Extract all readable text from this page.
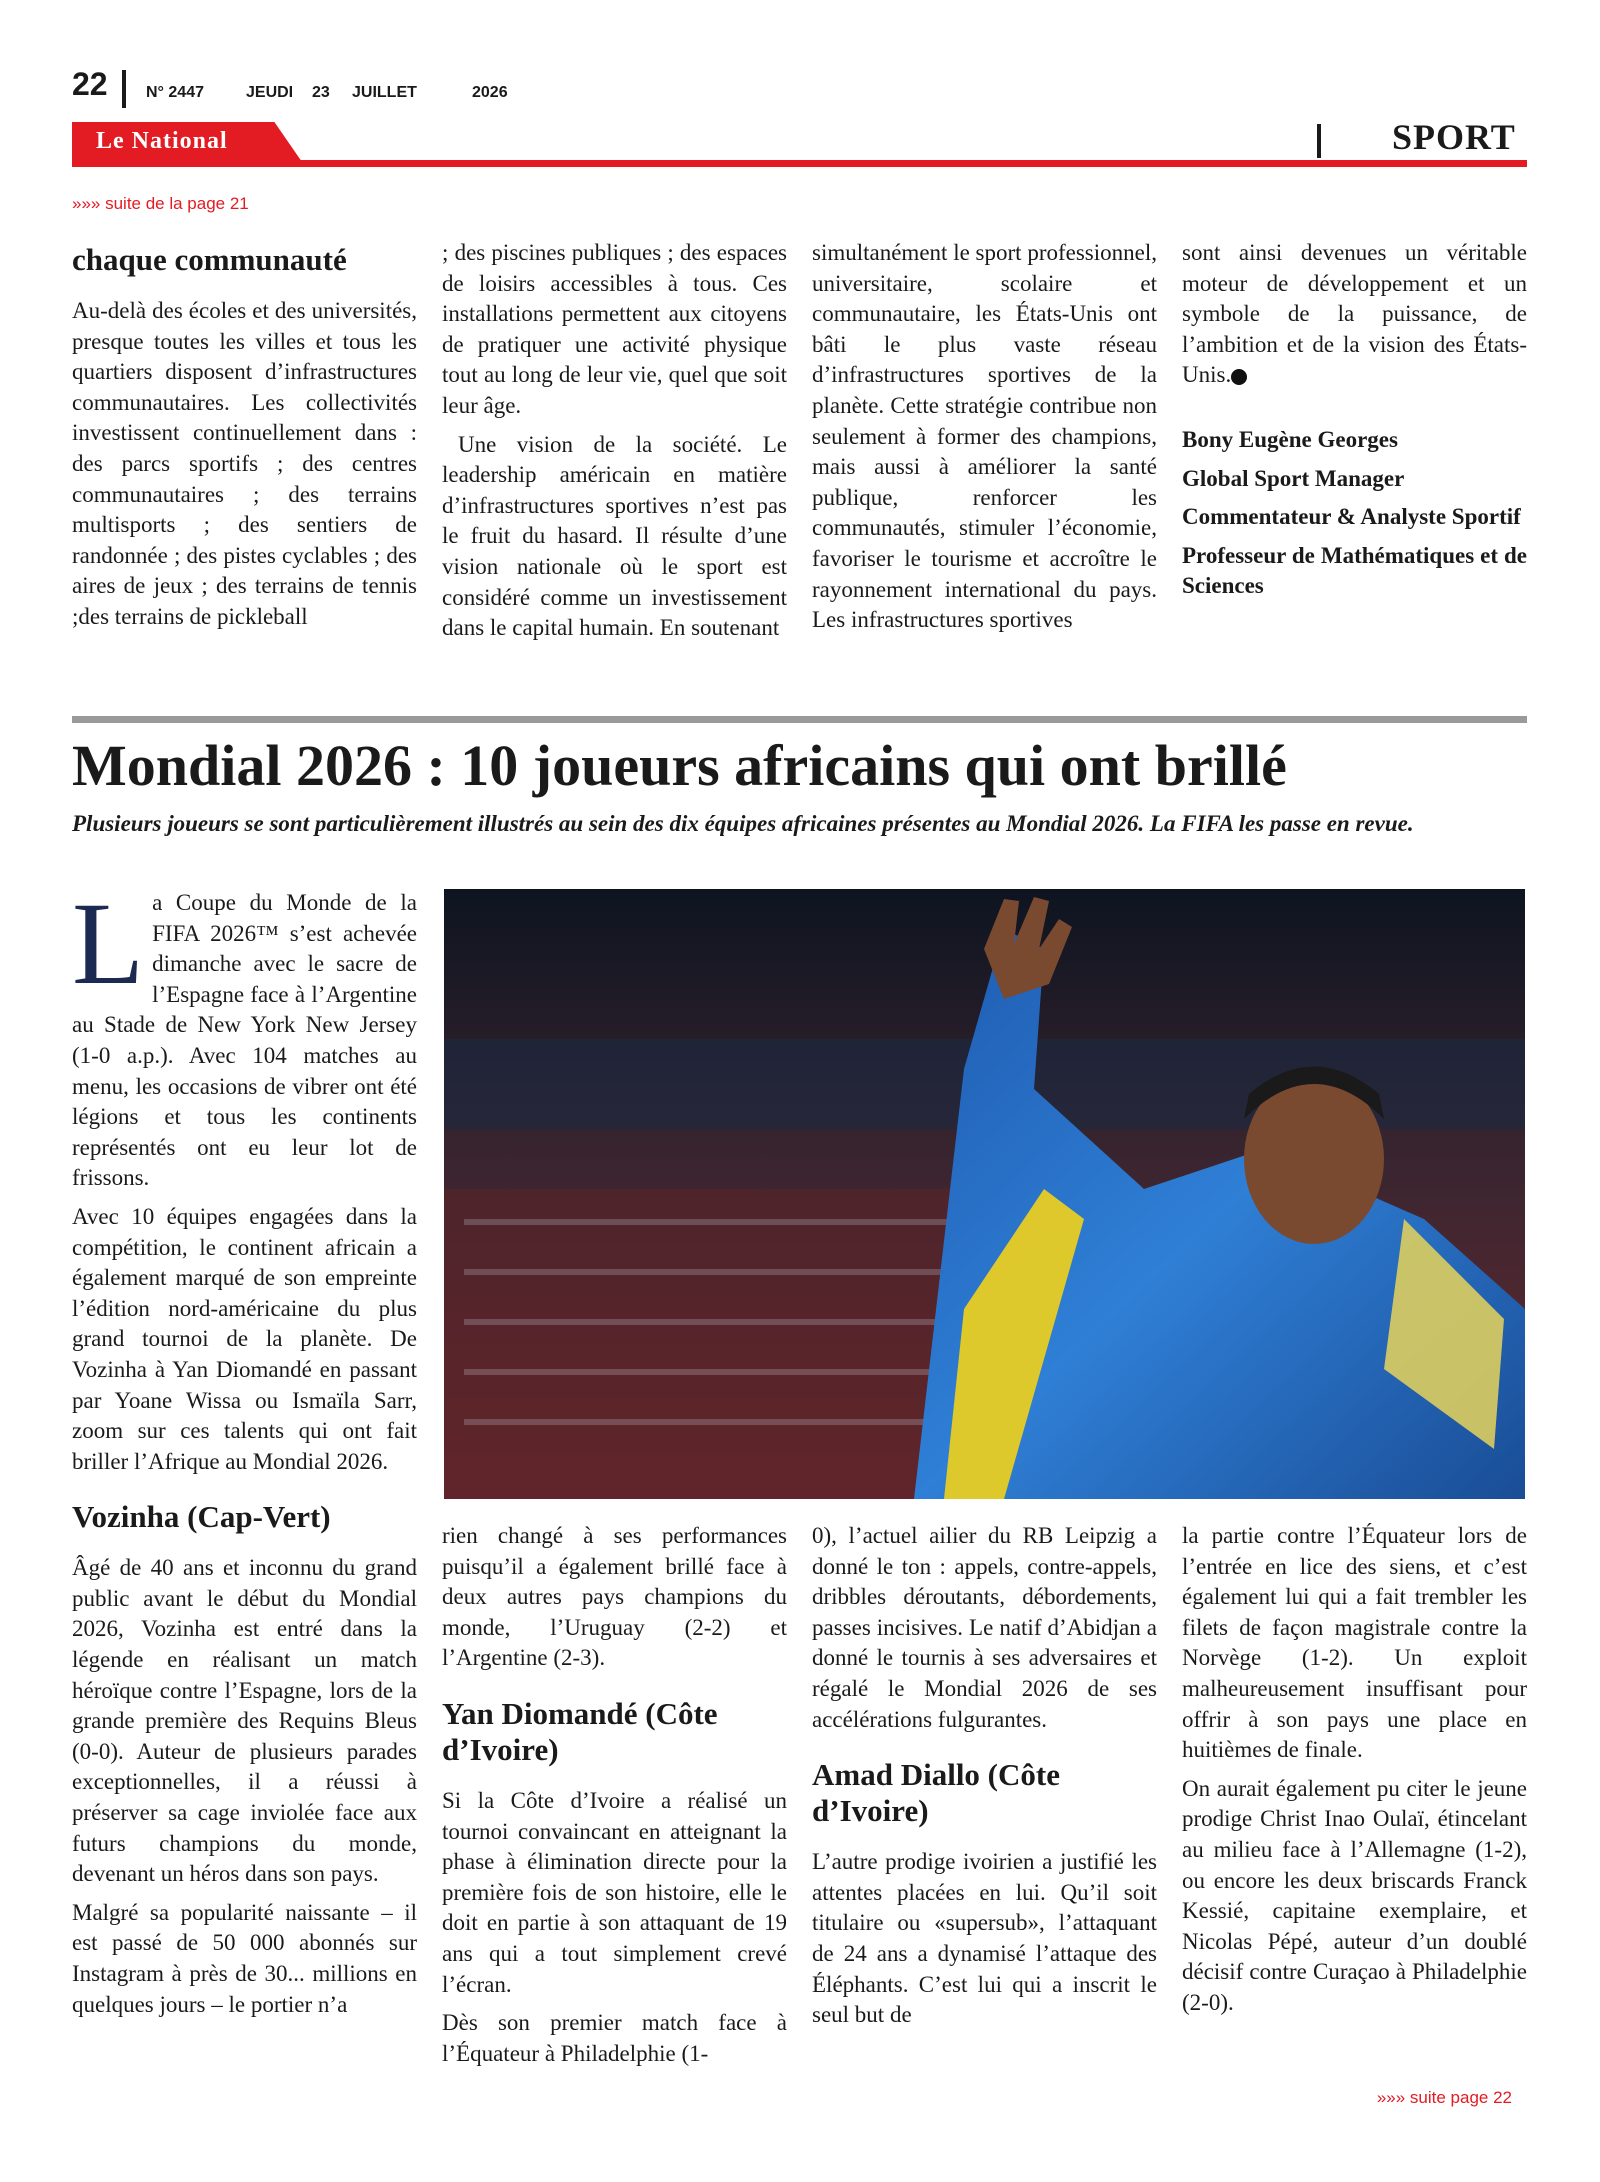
22 N° 2447	JEUDI 23 JUILLET	2026
Le National	SPORT
»»» suite de la page 21
chaque communauté

Au-delà des écoles et des universités, presque toutes les villes et tous les quartiers disposent d’infrastructures communautaires. Les collectivités investissent continuellement dans : des parcs sportifs ; des centres communautaires ; des terrains multisports ; des sentiers de randonnée ; des pistes cyclables ; des aires de jeux ; des terrains de tennis ;des terrains de pickleball

; des piscines publiques ; des espaces de loisirs accessibles à tous. Ces installations permettent aux citoyens de pratiquer une activité physique tout au long de leur vie, quel que soit leur âge.

Une vision de la société. Le leadership américain en matière d’infrastructures sportives n’est pas le fruit du hasard. Il résulte d’une vision nationale où le sport est considéré comme un investissement dans le capital humain. En soutenant

simultanément le sport professionnel, universitaire, scolaire et communautaire, les États-Unis ont bâti le plus vaste réseau d’infrastructures sportives de la planète. Cette stratégie contribue non seulement à former des champions, mais aussi à améliorer la santé publique, renforcer les communautés, stimuler l’économie, favoriser le tourisme et accroître le rayonnement international du pays. Les infrastructures sportives

sont ainsi devenues un véritable moteur de développement et un symbole de la puissance, de l’ambition et de la vision des États-Unis.

Bony Eugène Georges

Global Sport Manager

Commentateur & Analyste Sportif

Professeur de Mathématiques et de Sciences

Mondial 2026 : 10 joueurs africains qui ont brillé
Plusieurs joueurs se sont particulièrement illustrés au sein des dix équipes africaines présentes au Mondial 2026. La FIFA les passe en revue.

La Coupe du Monde de la FIFA 2026™ s’est achevée dimanche avec le sacre de l’Espagne face à l’Argentine au Stade de New York New Jersey (1-0 a.p.). Avec 104 matches au menu, les occasions de vibrer ont été légions et tous les continents représentés ont eu leur lot de frissons.

Avec 10 équipes engagées dans la compétition, le continent africain a également marqué de son empreinte l’édition nord-américaine du plus grand tournoi de la planète. De Vozinha à Yan Diomandé en passant par Yoane Wissa ou Ismaïla Sarr, zoom sur ces talents qui ont fait briller l’Afrique au Mondial 2026.

Vozinha (Cap-Vert)

Âgé de 40 ans et inconnu du grand public avant le début du Mondial 2026, Vozinha est entré dans la légende en réalisant un match héroïque contre l’Espagne, lors de la grande première des Requins Bleus (0-0). Auteur de plusieurs parades exceptionnelles, il a réussi à préserver sa cage inviolée face aux futurs champions du monde, devenant un héros dans son pays.

Malgré sa popularité naissante – il est passé de 50 000 abonnés sur Instagram à près de 30... millions en quelques jours – le portier n’a

rien changé à ses performances puisqu’il a également brillé face à deux autres pays champions du monde, l’Uruguay (2-2) et l’Argentine (2-3).

Yan Diomandé (Côte d’Ivoire)

Si la Côte d’Ivoire a réalisé un tournoi convaincant en atteignant la phase à élimination directe pour la première fois de son histoire, elle le doit en partie à son attaquant de 19 ans qui a tout simplement crevé l’écran.

Dès son premier match face à l’Équateur à Philadelphie (1-

0), l’actuel ailier du RB Leipzig a donné le ton : appels, contre-appels, dribbles déroutants, débordements, passes incisives. Le natif d’Abidjan a donné le tournis à ses adversaires et régalé le Mondial 2026 de ses accélérations fulgurantes.

Amad Diallo (Côte d’Ivoire)

L’autre prodige ivoirien a justifié les attentes placées en lui. Qu’il soit titulaire ou «supersub», l’attaquant de 24 ans a dynamisé l’attaque des Éléphants. C’est lui qui a inscrit le seul but de

la partie contre l’Équateur lors de l’entrée en lice des siens, et c’est également lui qui a fait trembler les filets de façon magistrale contre la Norvège (1-2). Un exploit malheureusement insuffisant pour offrir à son pays une place en huitièmes de finale.

On aurait également pu citer le jeune prodige Christ Inao Oulaï, étincelant au milieu face à l’Allemagne (1-2), ou encore les deux briscards Franck Kessié, capitaine exemplaire, et Nicolas Pépé, auteur d’un doublé décisif contre Curaçao à Philadelphie (2-0).

»»» suite page 22
